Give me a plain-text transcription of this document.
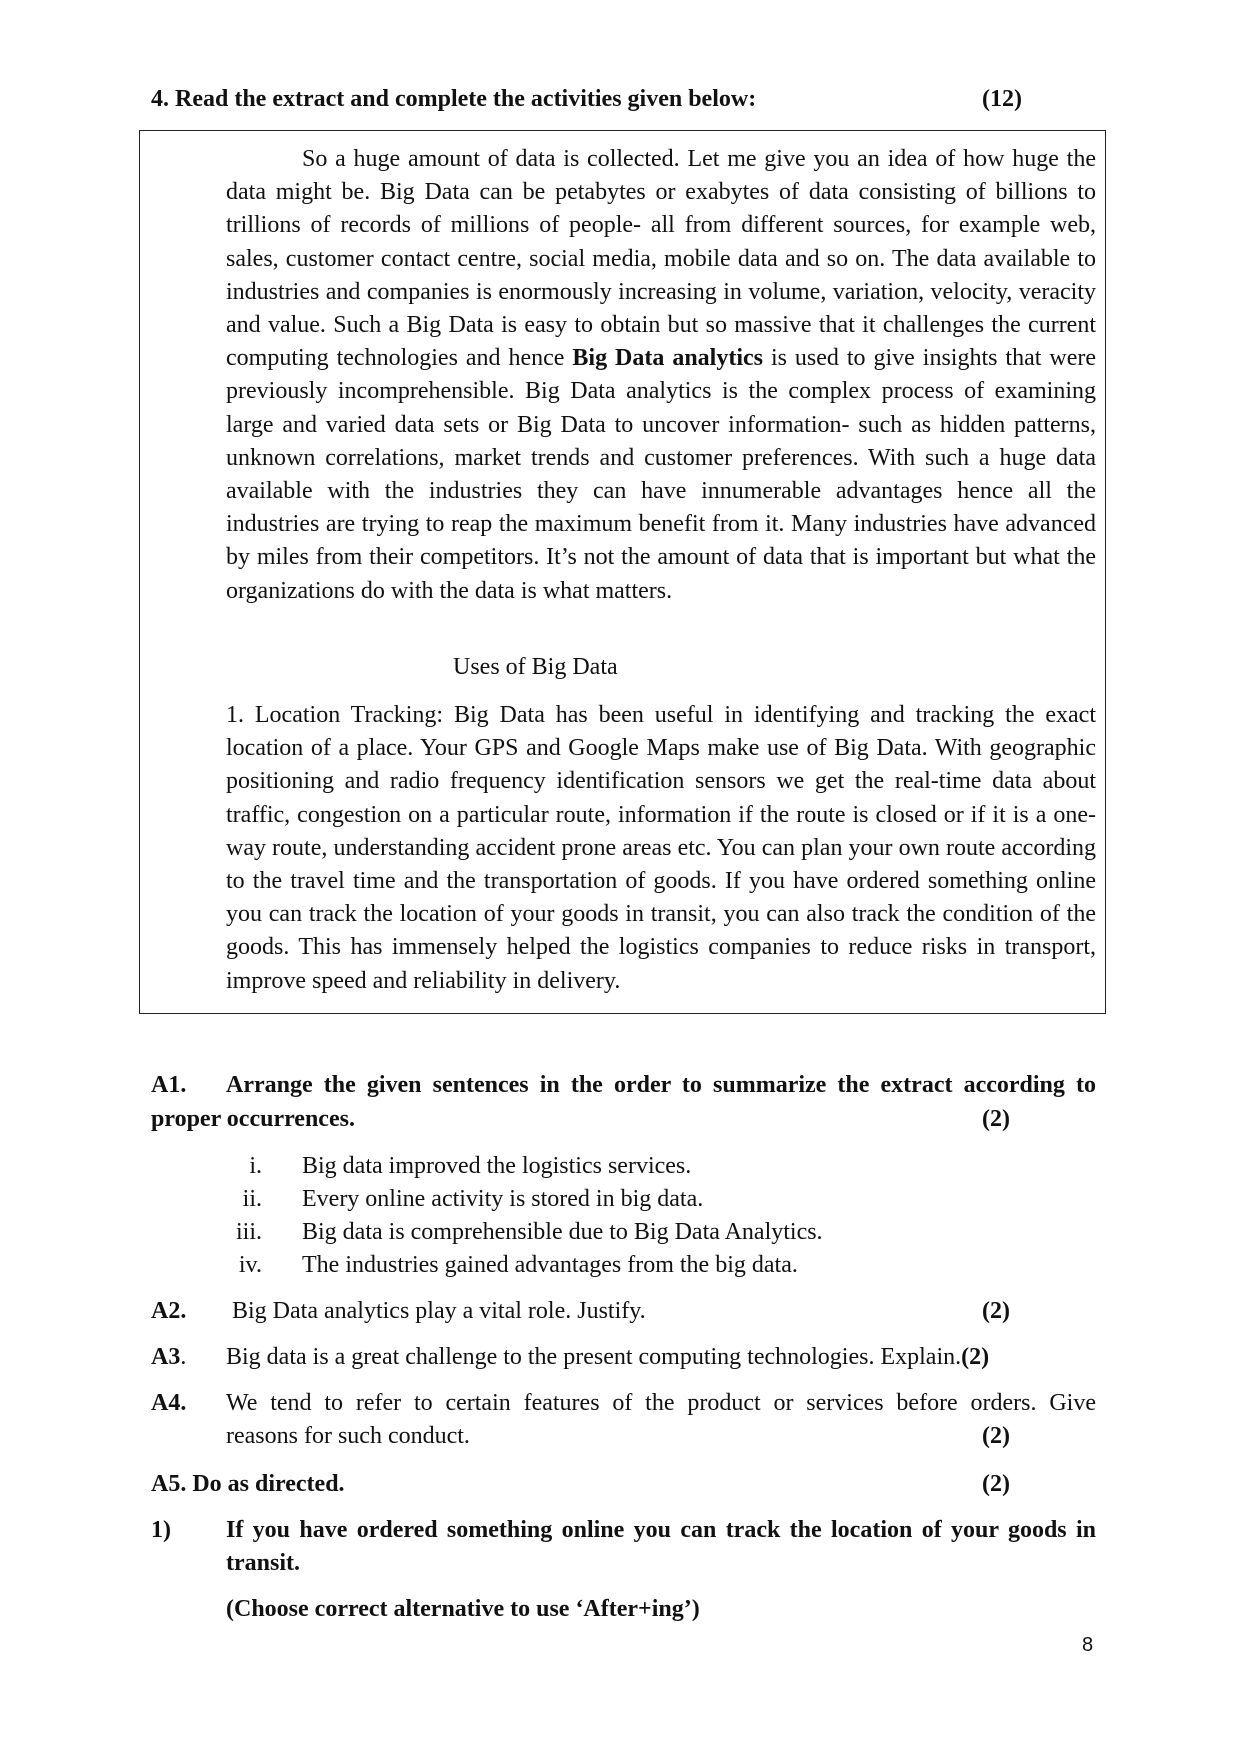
4. Read the extract and complete the activities given below:	(12)

So a huge amount of data is collected. Let me give you an idea of how huge the data might be. Big Data can be petabytes or exabytes of data consisting of billions to trillions of records of millions of people- all from different sources, for example web, sales, customer contact centre, social media, mobile data and so on. The data available to industries and companies is enormously increasing in volume, variation, velocity, veracity and value. Such a Big Data is easy to obtain but so massive that it challenges the current computing technologies and hence Big Data analytics is used to give insights that were previously incomprehensible. Big Data analytics is the complex process of examining large and varied data sets or Big Data to uncover information- such as hidden patterns, unknown correlations, market trends and customer preferences. With such a huge data available with the industries they can have innumerable advantages hence all the industries are trying to reap the maximum benefit from it. Many industries have advanced by miles from their competitors. It’s not the amount of data that is important but what the organizations do with the data is what matters.

Uses of Big Data

1. Location Tracking: Big Data has been useful in identifying and tracking the exact location of a place. Your GPS and Google Maps make use of Big Data. With geographic positioning and radio frequency identification sensors we get the real-time data about traffic, congestion on a particular route, information if the route is closed or if it is a one-way route, understanding accident prone areas etc. You can plan your own route according to the travel time and the transportation of goods. If you have ordered something online you can track the location of your goods in transit, you can also track the condition of the goods. This has immensely helped the logistics companies to reduce risks in transport, improve speed and reliability in delivery.

A1. Arrange the given sentences in the order to summarize the extract according to
proper occurrences.	(2)
i. Big data improved the logistics services.
ii. Every online activity is stored in big data.
iii. Big data is comprehensible due to Big Data Analytics.
iv. The industries gained advantages from the big data.
A2. Big Data analytics play a vital role. Justify.	(2)
A3. Big data is a great challenge to the present computing technologies. Explain.(2)
A4. We tend to refer to certain features of the product or services before orders. Give
reasons for such conduct.	(2)
A5. Do as directed.	(2)
1) If you have ordered something online you can track the location of your goods in
transit.
(Choose correct alternative to use ‘After+ing’)
8
